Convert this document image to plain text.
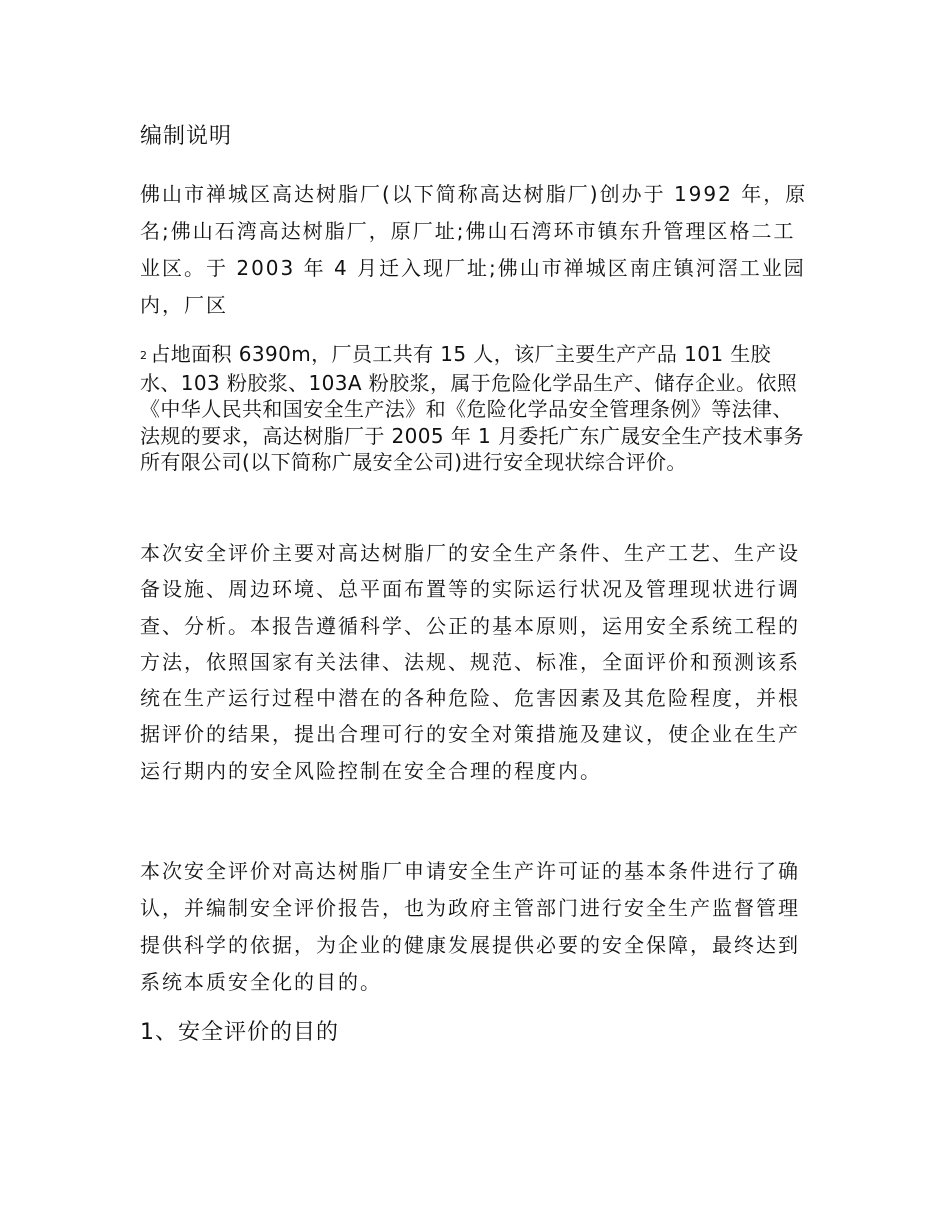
编制说明

佛山市禅城区高达树脂厂(以下简称高达树脂厂)创办于 1992 年，原名;佛山石湾高达树脂厂，原厂址;佛山石湾环市镇东升管理区格二工业区。于 2003 年 4 月迁入现厂址;佛山市禅城区南庄镇河滘工业园内，厂区

2 占地面积 6390m，厂员工共有 15 人，该厂主要生产产品 101 生胶水、103 粉胶浆、103A 粉胶浆，属于危险化学品生产、储存企业。依照《中华人民共和国安全生产法》和《危险化学品安全管理条例》等法律、法规的要求，高达树脂厂于 2005 年 1 月委托广东广晟安全生产技术事务所有限公司(以下简称广晟安全公司)进行安全现状综合评价。

本次安全评价主要对高达树脂厂的安全生产条件、生产工艺、生产设备设施、周边环境、总平面布置等的实际运行状况及管理现状进行调查、分析。本报告遵循科学、公正的基本原则，运用安全系统工程的方法，依照国家有关法律、法规、规范、标准，全面评价和预测该系统在生产运行过程中潜在的各种危险、危害因素及其危险程度，并根据评价的结果，提出合理可行的安全对策措施及建议，使企业在生产运行期内的安全风险控制在安全合理的程度内。

本次安全评价对高达树脂厂申请安全生产许可证的基本条件进行了确认，并编制安全评价报告，也为政府主管部门进行安全生产监督管理提供科学的依据，为企业的健康发展提供必要的安全保障，最终达到系统本质安全化的目的。

1、安全评价的目的
